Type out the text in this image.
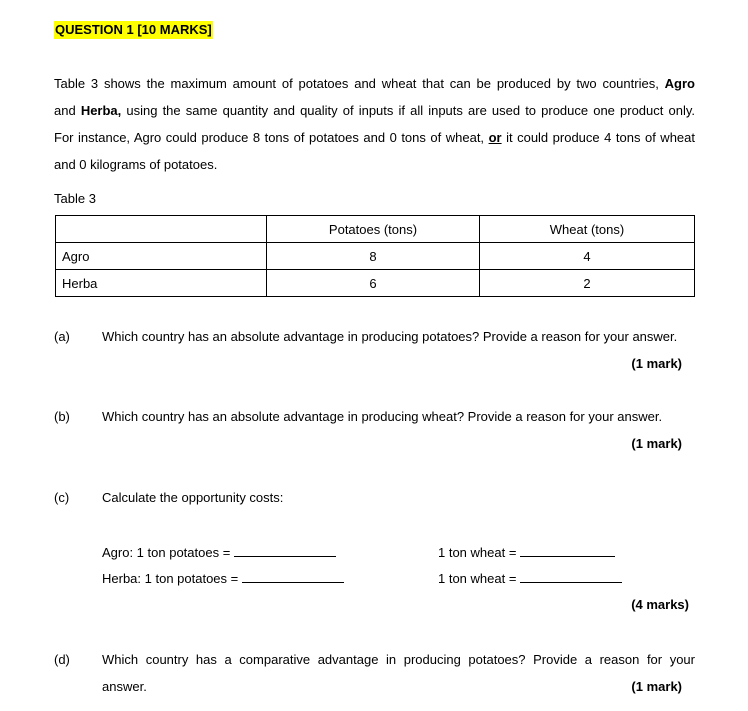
QUESTION 1 [10 MARKS]
Table 3 shows the maximum amount of potatoes and wheat that can be produced by two countries, Agro
and Herba, using the same quantity and quality of inputs if all inputs are used to produce one product only.
For instance, Agro could produce 8 tons of potatoes and 0 tons of wheat, or it could produce 4 tons of wheat
and 0 kilograms of potatoes.
Table 3
	Potatoes (tons)	Wheat (tons)
Agro	8	4
Herba	6	2
(a) Which country has an absolute advantage in producing potatoes? Provide a reason for your answer.
(1 mark)
(b) Which country has an absolute advantage in producing wheat? Provide a reason for your answer.
(1 mark)
(c)	Calculate the opportunity costs:
Agro: 1 ton potatoes =	1 ton wheat =
Herba: 1 ton potatoes =	1 ton wheat =
(4 marks)
(d) Which country has a comparative advantage in producing potatoes? Provide a reason for your
answer.	(1 mark)
